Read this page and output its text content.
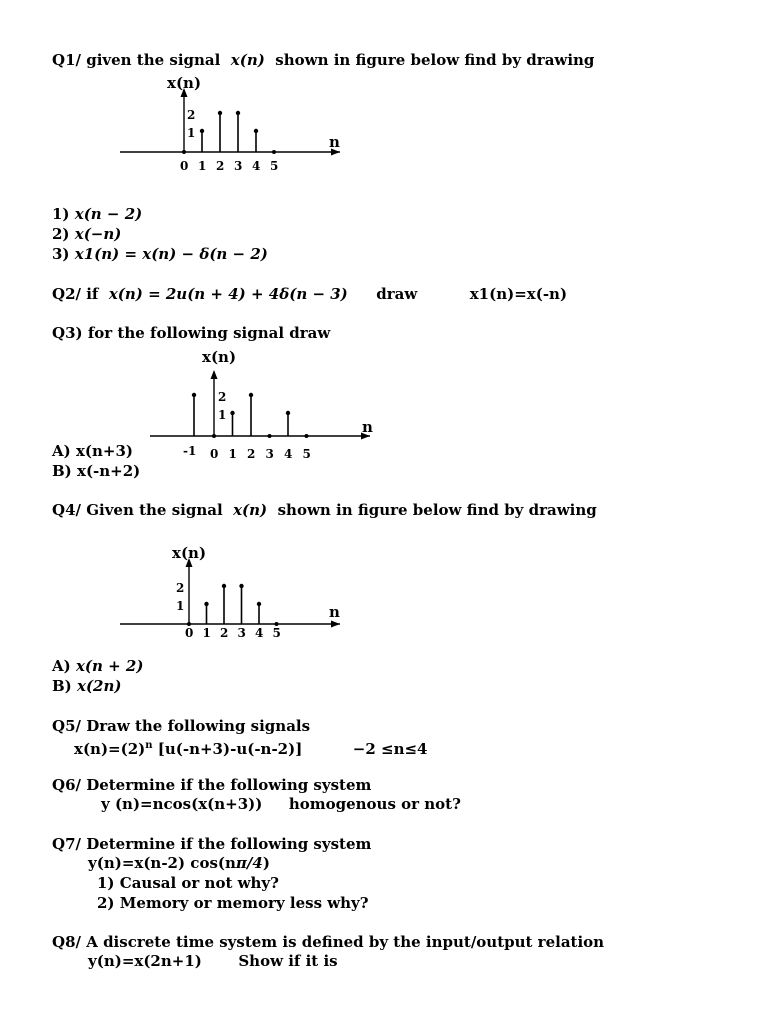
Q1/ given the signal x(n) shown in figure below find by drawing
x(n)
n
2
1
0 1 2 3 4 5
x(n)
n
2
1
-1 0 1 2 3 4 5
x(n)
n
2
1
0 1 2 3 4 5
1) x(n − 2)
2) x(−n)
3) x1(n) = x(n) − δ(n − 2)
Q2/ if x(n) = 2u(n + 4) + 4δ(n − 3) draw	x1(n)=x(-n)
Q3) for the following signal draw
A) x(n+3)
B) x(-n+2)
Q4/ Given the signal x(n) shown in figure below find by drawing
A) x(n + 2)
B) x(2n)
Q5/ Draw the following signals
$x(n)=(2)^n$ [u(-n+3)-u(-n-2)]	−2 ≤n≤4
Q6/ Determine if the following system
y (n)=ncos(x(n+3)) homogenous or not?
Q7/ Determine if the following system
y(n)=x(n-2) cos(nπ/4)
1) Causal or not why?
2) Memory or memory less why?
Q8/ A discrete time system is defined by the input/output relation
y(n)=x(2n+1) Show if it is
